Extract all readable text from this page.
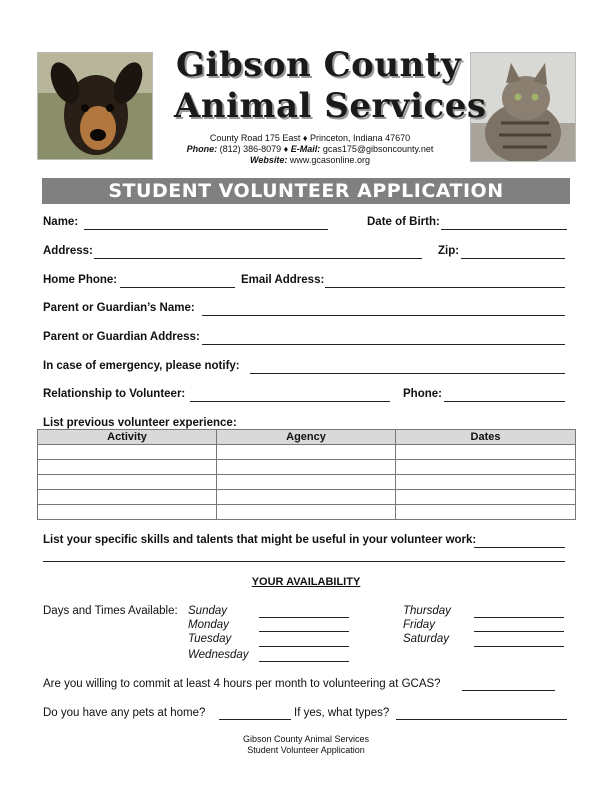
Gibson County
Animal Services
County Road 175 East ♦ Princeton, Indiana 47670
Phone: (812) 386-8079 ♦ E-Mail: gcas175@gibsoncounty.net
Website: www.gcasonline.org
STUDENT VOLUNTEER APPLICATION
Name:	Date of Birth:
Address:	Zip:
Home Phone:	Email Address:
Parent or Guardian’s Name:
Parent or Guardian Address:
In case of emergency, please notify:
Relationship to Volunteer:	Phone:
List previous volunteer experience:
Activity	Agency	Dates

List your specific skills and talents that might be useful in your volunteer work:
YOUR AVAILABILITY
Days and Times Available: Sunday
Monday
Tuesday
Wednesday
Thursday
Friday
Saturday
Are you willing to commit at least 4 hours per month to volunteering at GCAS?
Do you have any pets at home?	If yes, what types?
Gibson County Animal Services
Student Volunteer Application
